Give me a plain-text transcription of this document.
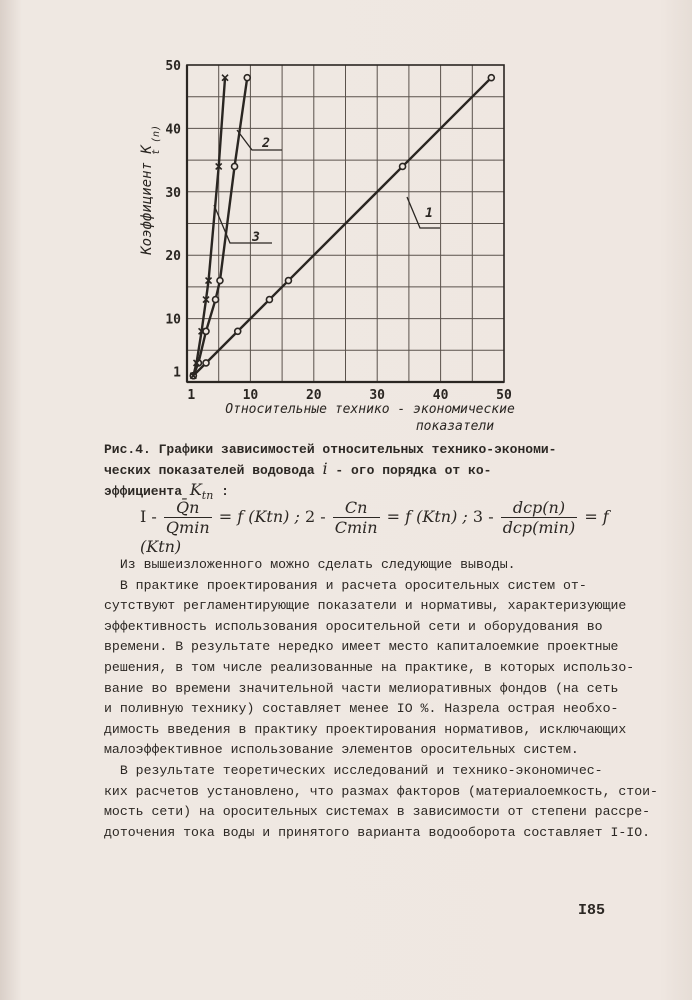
1	10	20	30	40	50
1
10
20
30
40
50
Относительные технико - экономические
показатели
Коэффициент K
t (n)
1
2
3
Рис.4. Графики зависимостей относительных технико-экономи-
ческих показателей водовода i - ого порядка от ко-
эффициента $K_{tn}$ :
$I - \frac{Q̄n}{Qmin} = f$ (Ktn) ; $2 - \frac{Cn}{Cmin} = f$ (Ktn) ; $3 - \frac{\text{dcp(n)}}{\text{dcp(min)}} = f$ (Ktn)

Из вышеизложенного можно сделать следующие выводы.

В практике проектирования и расчета оросительных систем от-

сутствуют регламентирующие показатели и нормативы, характеризующие

эффективность использования оросительной сети и оборудования во

времени. В результате нередко имеет место капиталоемкие проектные

решения, в том числе реализованные на практике, в которых использо-

вание во времени значительной части мелиоративных фондов (на сеть

и поливную технику) составляет менее IO %. Назрела острая необхо-

димость введения в практику проектирования нормативов, исключающих

малоэффективное использование элементов оросительных систем.

В результате теоретических исследований и технико-экономичес-

ких расчетов установлено, что размах факторов (материалоемкость, стои-

мость сети) на оросительных системах в зависимости от степени рассре-

доточения тока воды и принятого варианта водооборота составляет I-IO.

I85
